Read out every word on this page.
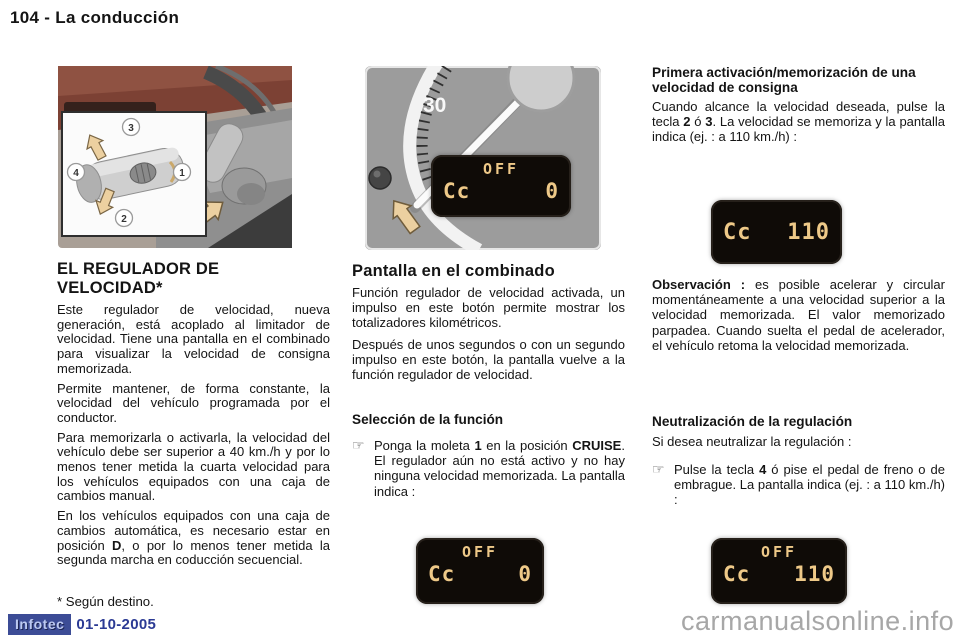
104 - La conducción
3
4	1
2
EL REGULADOR DE VELOCIDAD*

Este regulador de velocidad, nueva generación, está acoplado al limitador de velocidad. Tiene una pantalla en el combinado para visualizar la velocidad de consigna memorizada.

Permite mantener, de forma constante, la velocidad del vehículo programada por el conductor.

Para memorizarla o activarla, la velocidad del vehículo debe ser superior a 40 km./h y por lo menos tener metida la cuarta velocidad para los vehículos equipados con una caja de cambios manual.

En los vehículos equipados con una caja de cambios automática, es necesario estar en posición D, o por lo menos tener metida la segunda marcha en coducción secuencial.

* Según destino.
Infotec 01-10-2005
30
OFF
Cc	0
Pantalla en el combinado

Función regulador de velocidad activada, un impulso en este botón permite mostrar los totalizadores kilométricos.

Después de unos segundos o con un segundo impulso en este botón, la pantalla vuelve a la función regulador de velocidad.

Selección de la función
☞ Ponga la moleta 1 en la posición CRUISE. El regulador aún no está activo y no hay ninguna velocidad memorizada. La pantalla indica :
OFF
Cc	0
Primera activación/memorización de una velocidad de consigna

Cuando alcance la velocidad deseada, pulse la tecla 2 ó 3. La velocidad se memoriza y la pantalla indica (ej. : a 110 km./h) :

Cc 110

Observación : es posible acelerar y circular momentáneamente a una velocidad superior a la velocidad memorizada. El valor memorizado parpadea. Cuando suelta el pedal de acelerador, el vehículo retoma la velocidad memorizada.

Neutralización de la regulación

Si desea neutralizar la regulación :

☞ Pulse la tecla 4 ó pise el pedal de freno o de embrague. La pantalla indica (ej. : a 110 km./h) :
OFF
Cc 110
carmanualsonline.info
